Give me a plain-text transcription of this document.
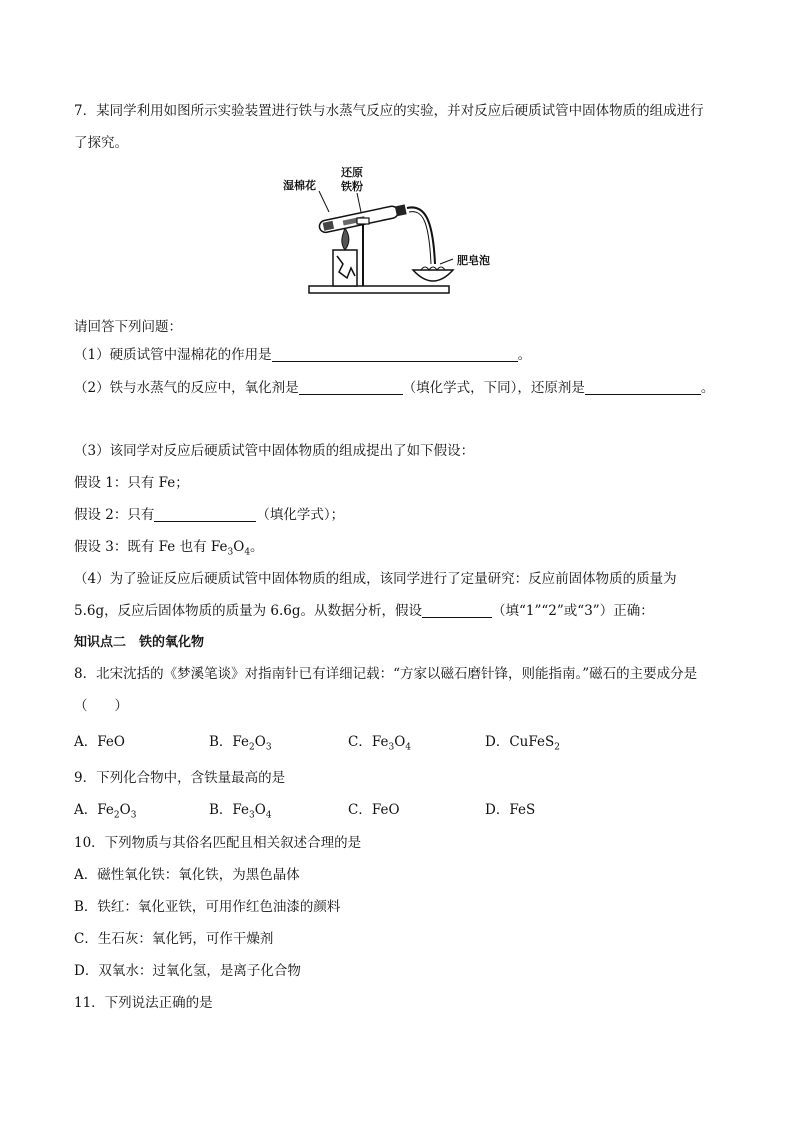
7．某同学利用如图所示实验装置进行铁与水蒸气反应的实验，并对反应后硬质试管中固体物质的组成进行
了探究。
湿棉花
还原
铁粉
肥皂泡
请回答下列问题：
（1）硬质试管中湿棉花的作用是	。
（2）铁与水蒸气的反应中，氧化剂是	（填化学式，下同），还原剂是	。
（3）该同学对反应后硬质试管中固体物质的组成提出了如下假设：
假设 1：只有 Fe；
假设 2：只有	（填化学式）；
假设 3：既有 Fe 也有 $Fe_3O_4$。
（4）为了验证反应后硬质试管中固体物质的组成，该同学进行了定量研究：反应前固体物质的质量为
5.6g，反应后固体物质的质量为 6.6g。从数据分析，假设	（填“1”“2”或“3”）正确：
知识点二　铁的氧化物
8．北宋沈括的《梦溪笔谈》对指南针已有详细记载：“方家以磁石磨针锋，则能指南。”磁石的主要成分是
（　　）
A．FeO	B．$Fe_2O_3$	C．$Fe_3O_4$	D．CuFeS$_2$
9．下列化合物中，含铁量最高的是
A．$Fe_2O_3$	B．$Fe_3O_4$	C．FeO	D．FeS
10．下列物质与其俗名匹配且相关叙述合理的是
A．磁性氧化铁：氧化铁，为黑色晶体
B．铁红：氧化亚铁，可用作红色油漆的颜料
C．生石灰：氧化钙，可作干燥剂
D．双氧水：过氧化氢，是离子化合物
11．下列说法正确的是
